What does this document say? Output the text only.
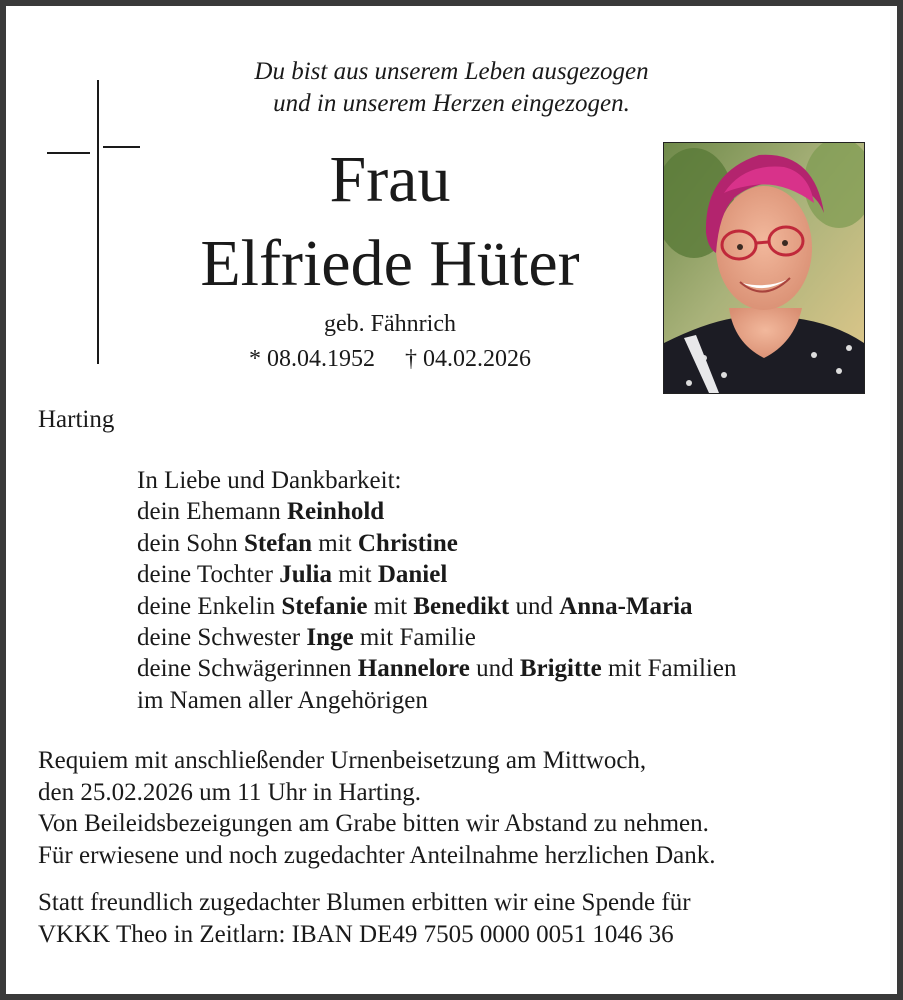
Du bist aus unserem Leben ausgezogen
und in unserem Herzen eingezogen.
Frau
Elfriede Hüter
geb. Fähnrich
* 08.04.1952 † 04.02.2026
Harting
In Liebe und Dankbarkeit:
dein Ehemann Reinhold
dein Sohn Stefan mit Christine
deine Tochter Julia mit Daniel
deine Enkelin Stefanie mit Benedikt und Anna-Maria
deine Schwester Inge mit Familie
deine Schwägerinnen Hannelore und Brigitte mit Familien
im Namen aller Angehörigen
Requiem mit anschließender Urnenbeisetzung am Mittwoch,
den 25.02.2026 um 11 Uhr in Harting.
Von Beileidsbezeigungen am Grabe bitten wir Abstand zu nehmen.
Für erwiesene und noch zugedachter Anteilnahme herzlichen Dank.
Statt freundlich zugedachter Blumen erbitten wir eine Spende für
VKKK Theo in Zeitlarn: IBAN DE49 7505 0000 0051 1046 36
